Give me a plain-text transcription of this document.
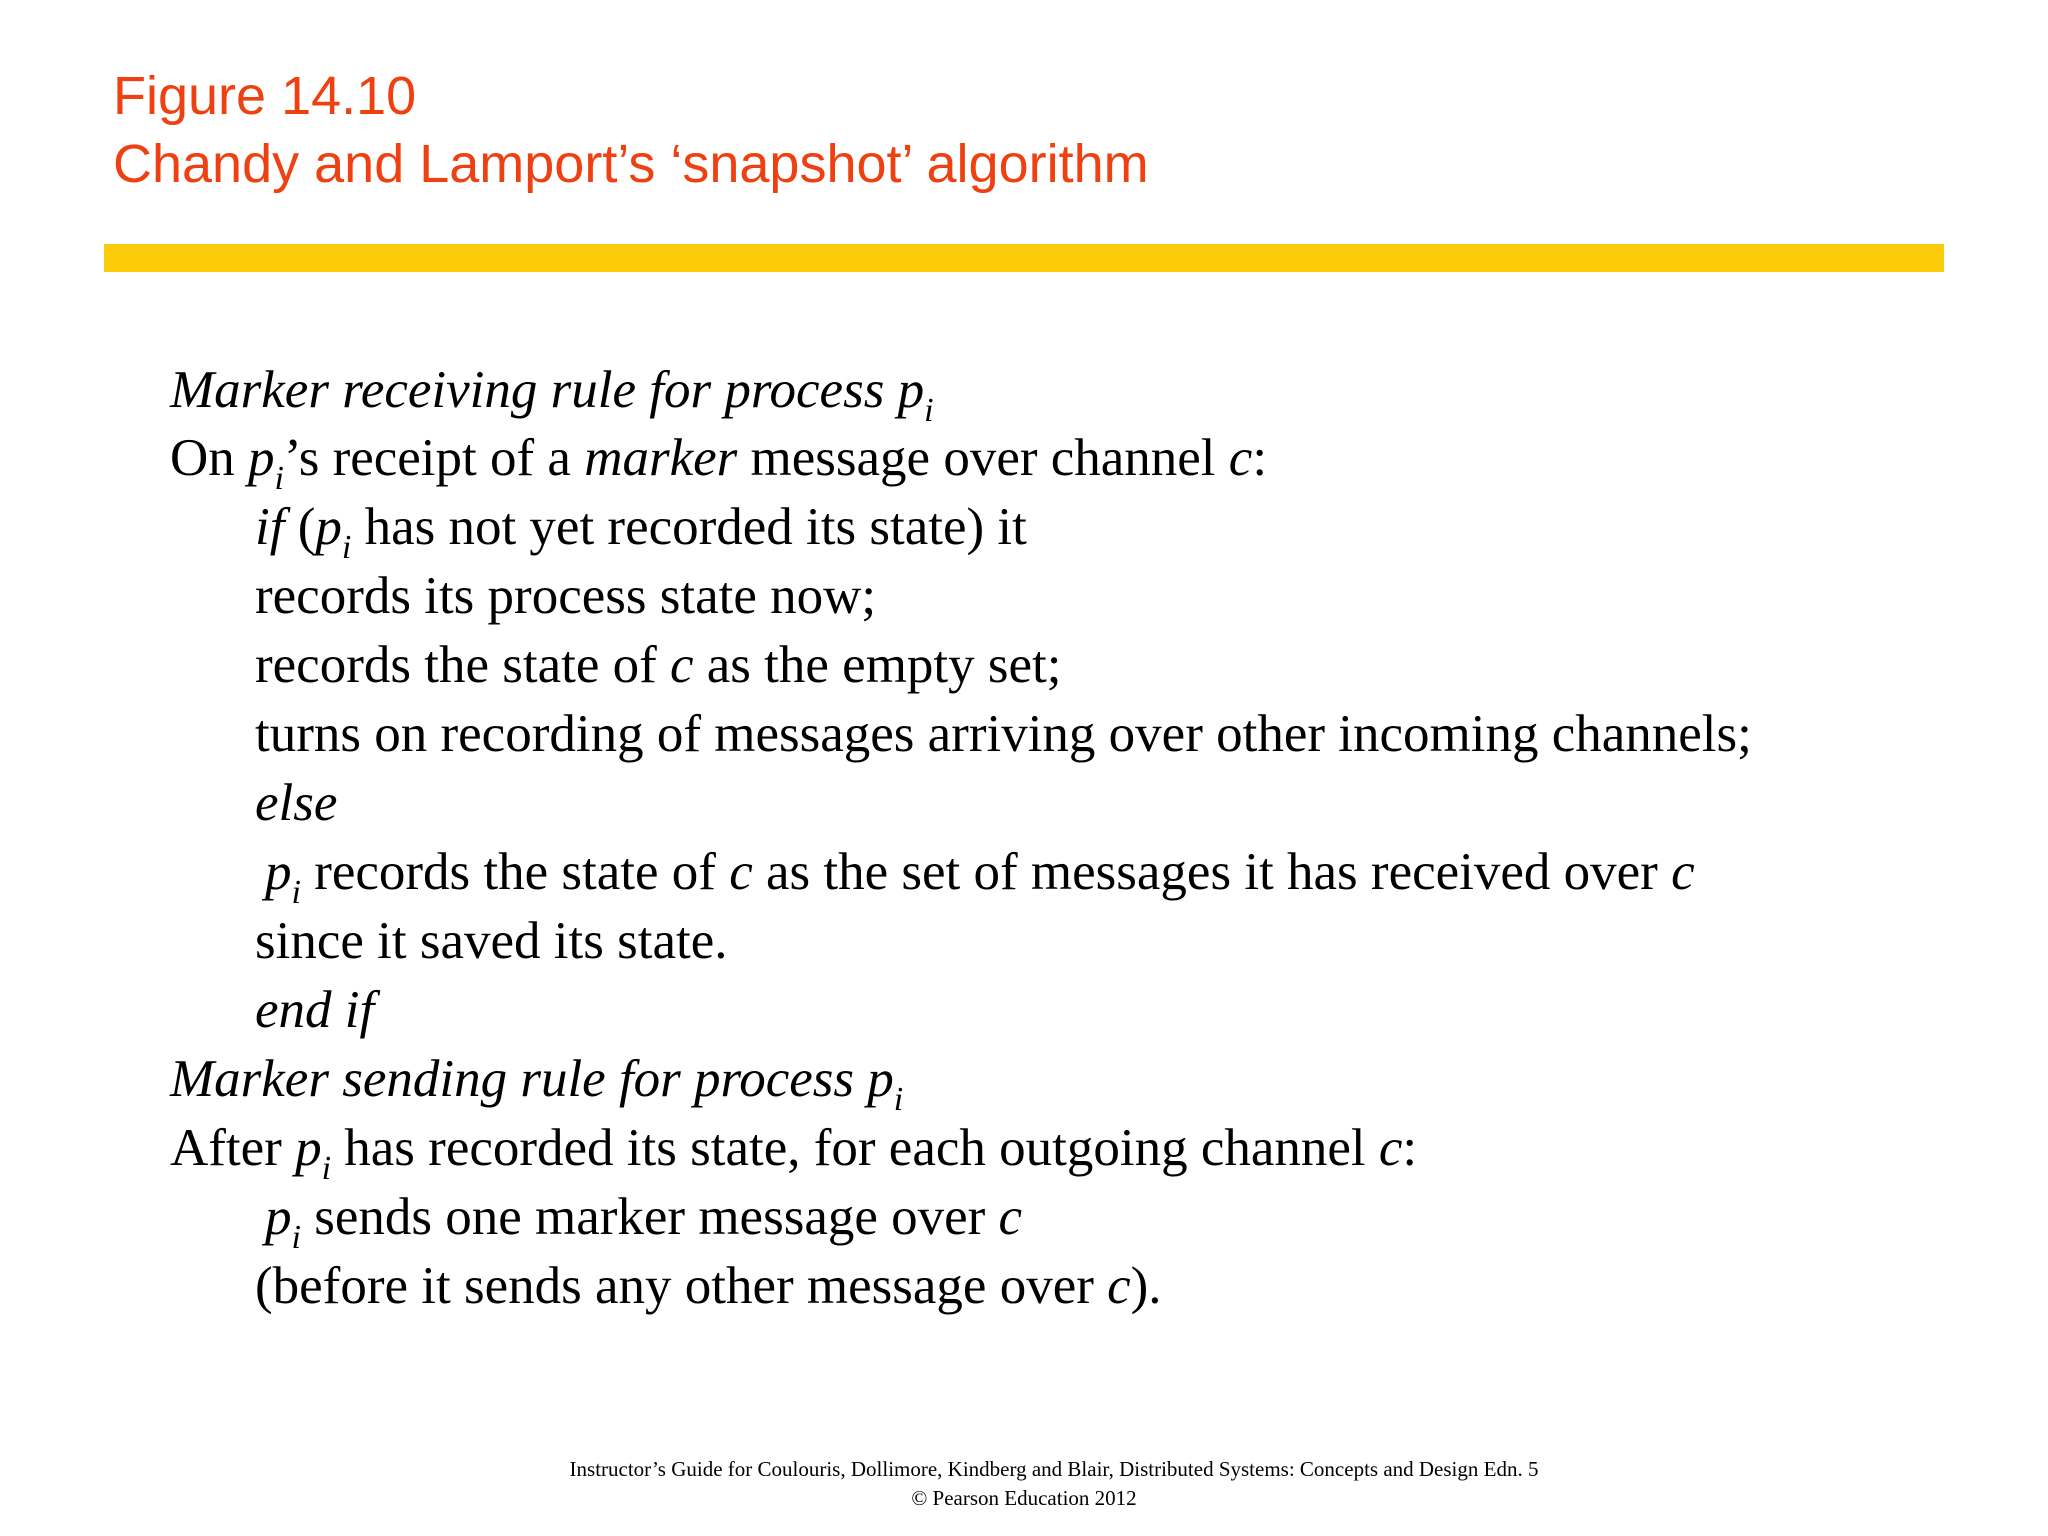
Figure 14.10
Chandy and Lamport’s ‘snapshot’ algorithm
Marker receiving rule for process $p_i$
On $p_i’s$ receipt of a marker message over channel c:
if ($p_i$ has not yet recorded its state) it
records its process state now;
records the state of c as the empty set;
turns on recording of messages arriving over other incoming channels;
else
$p_i$ records the state of c as the set of messages it has received over c
since it saved its state.
end if
Marker sending rule for process $p_i$
After $p_i$ has recorded its state, for each outgoing channel c:
$p_i$ sends one marker message over c
(before it sends any other message over c).
Instructor’s Guide for Coulouris, Dollimore, Kindberg and Blair, Distributed Systems: Concepts and Design Edn. 5
© Pearson Education 2012
